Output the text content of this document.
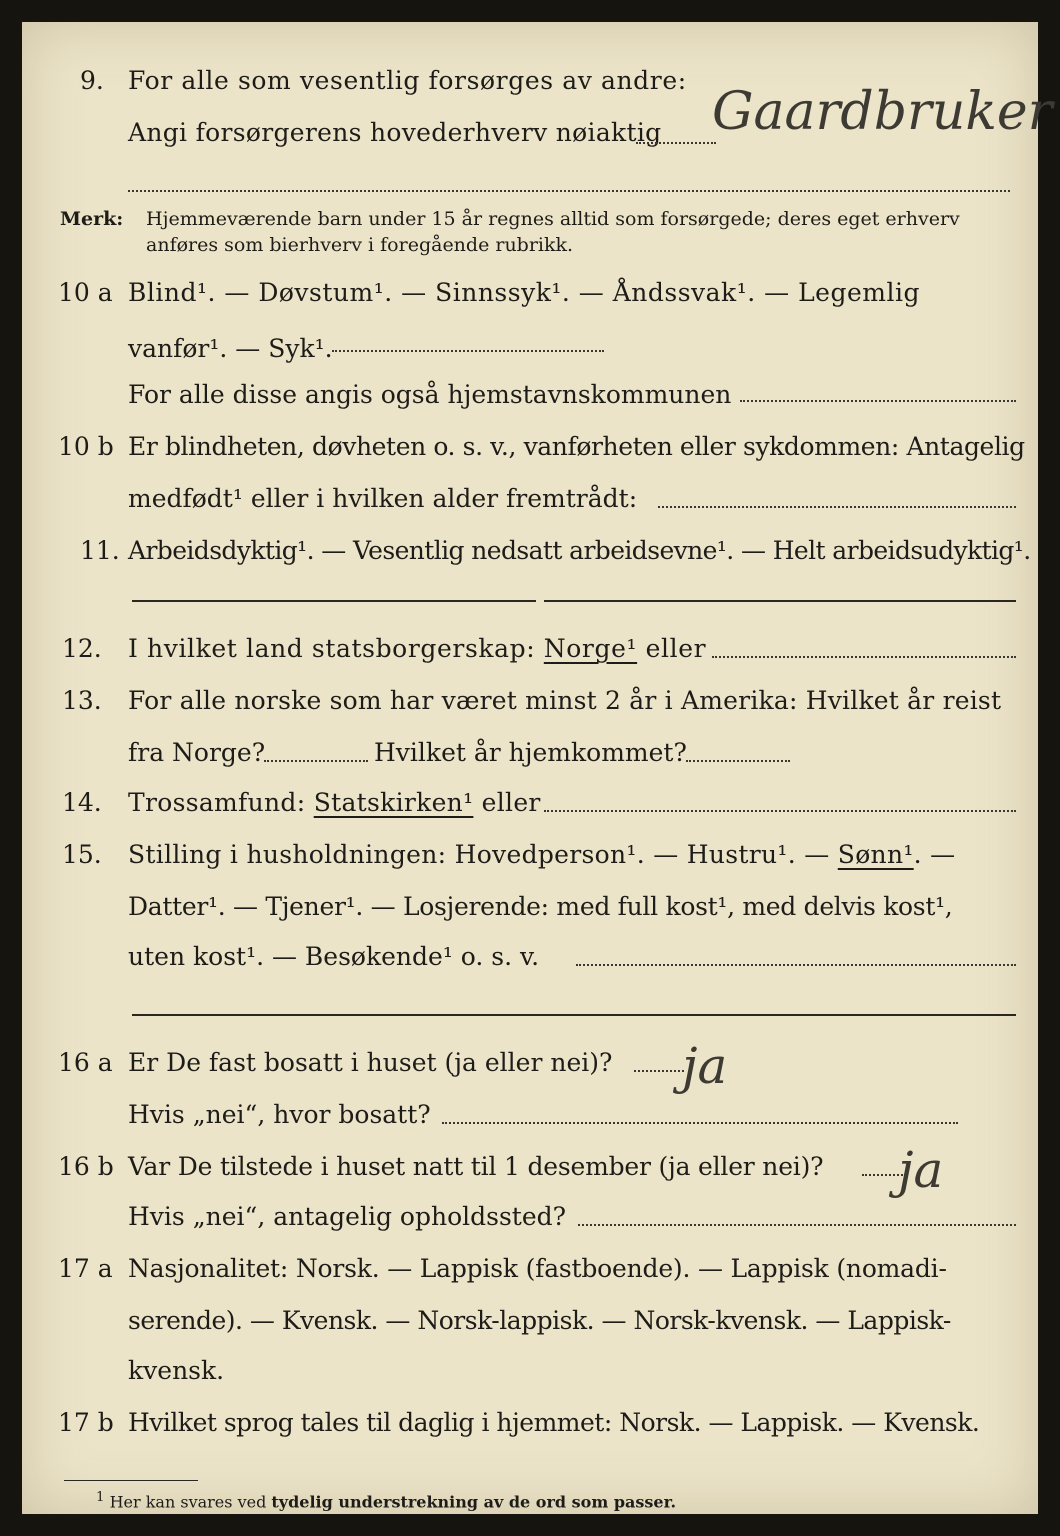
9. For alle som vesentlig forsørges av andre:
Angi forsørgerens hovederhverv nøiaktig Gaardbruker
Merk: Hjemmeværende barn under 15 år regnes alltid som forsørgede; deres eget erhverv
anføres som bierhverv i foregående rubrikk.
10 a Blind¹. — Døvstum¹. — Sinnssyk¹. — Åndssvak¹. — Legemlig
vanfør¹. — Syk¹.
For alle disse angis også hjemstavnskommunen
10 b Er blindheten, døvheten o. s. v., vanførheten eller sykdommen: Antagelig
medfødt¹ eller i hvilken alder fremtrådt:
11. Arbeidsdyktig¹. — Vesentlig nedsatt arbeidsevne¹. — Helt arbeidsudyktig¹.
12. I hvilket land statsborgerskap: Norge¹ eller
13. For alle norske som har været minst 2 år i Amerika: Hvilket år reist
fra Norge?	Hvilket år hjemkommet?
14. Trossamfund: Statskirken¹ eller
15. Stilling i husholdningen: Hovedperson¹. — Hustru¹. — Sønn¹. —
Datter¹. — Tjener¹. — Losjerende: med full kost¹, med delvis kost¹,
uten kost¹. — Besøkende¹ o. s. v.
16 a Er De fast bosatt i huset (ja eller nei)? ja
Hvis „nei“, hvor bosatt?
16 b Var De tilstede i huset natt til 1 desember (ja eller nei)? ja
Hvis „nei“, antagelig opholdssted?
17 a Nasjonalitet: Norsk. — Lappisk (fastboende). — Lappisk (nomadi-
serende). — Kvensk. — Norsk-lappisk. — Norsk-kvensk. — Lappisk-
kvensk.
17 b Hvilket sprog tales til daglig i hjemmet: Norsk. — Lappisk. — Kvensk.
$^1$ Her kan svares ved tydelig understrekning av de ord som passer.
